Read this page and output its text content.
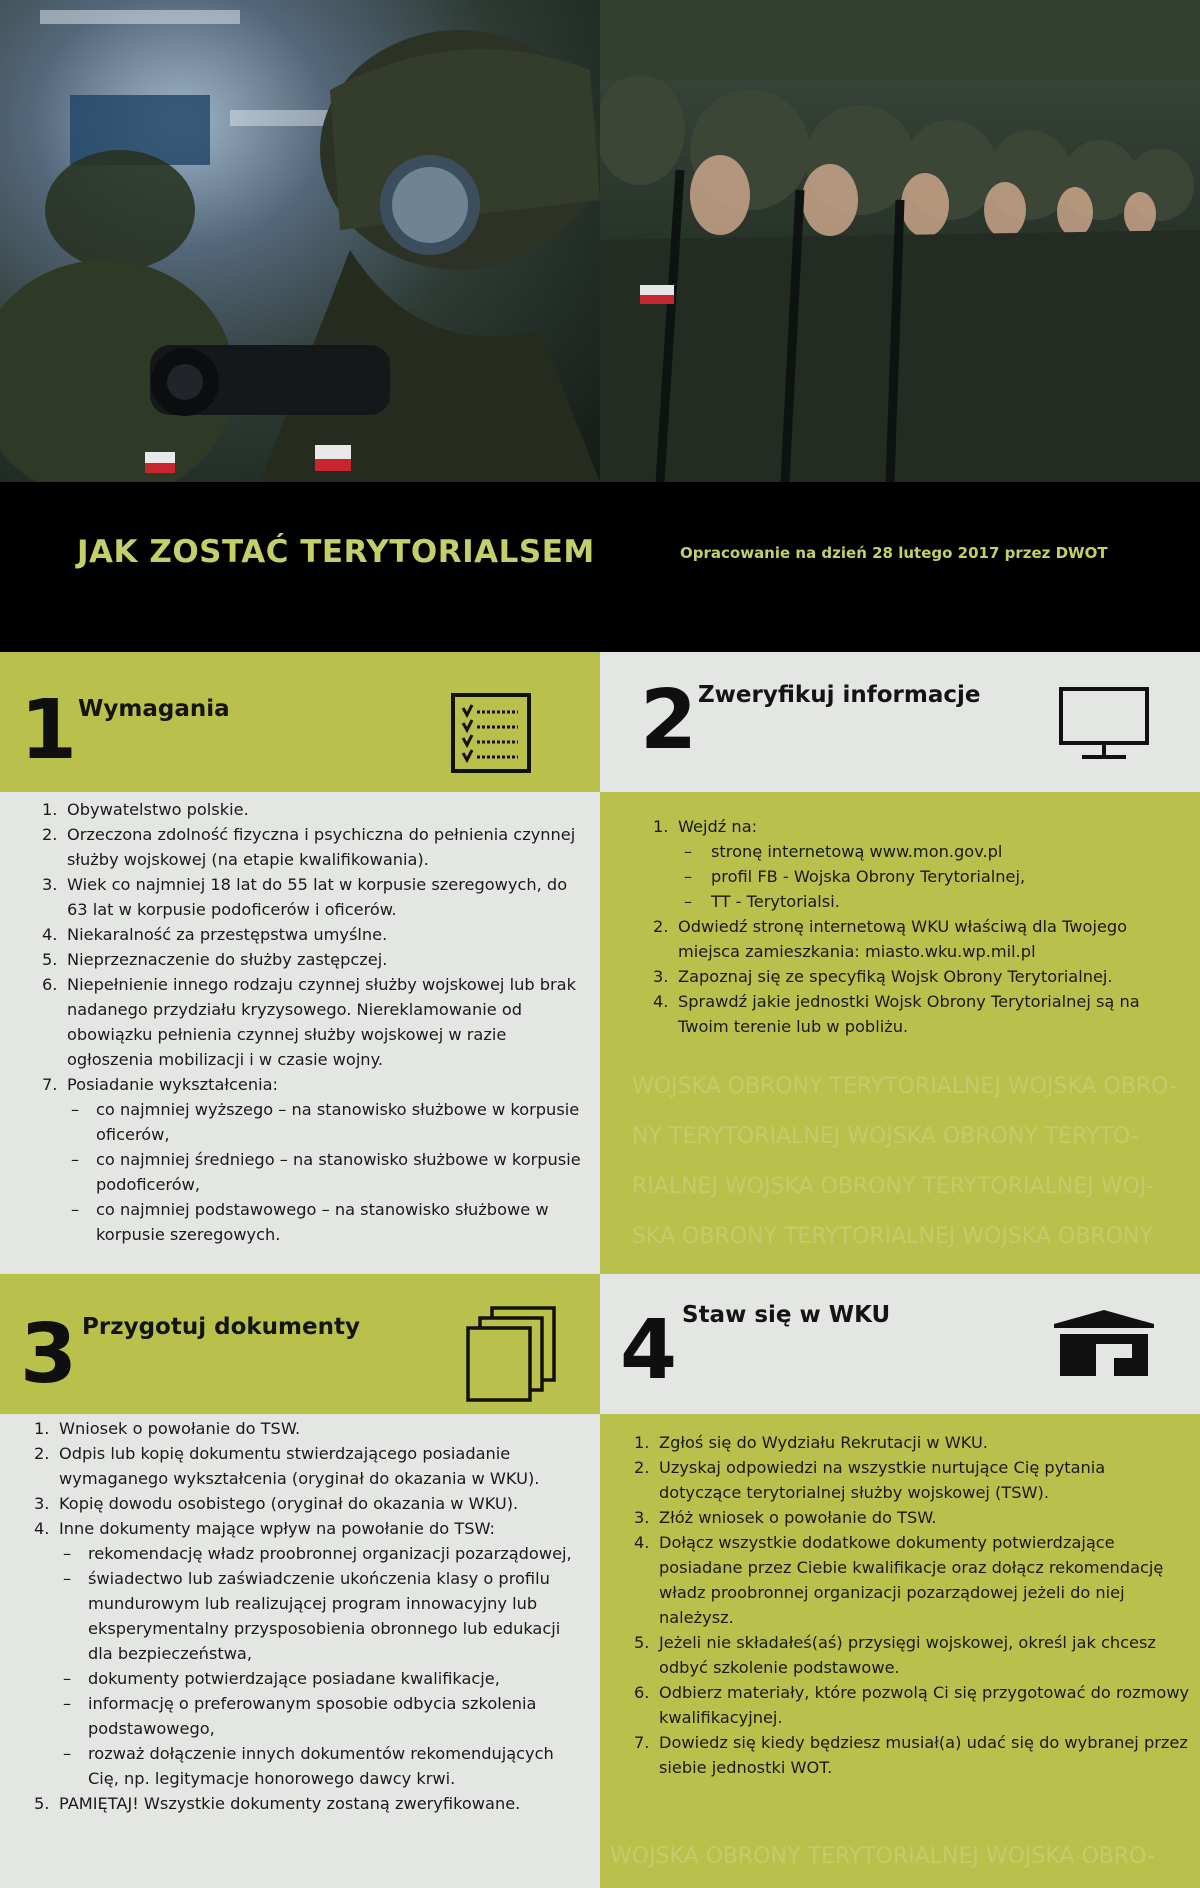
JAK ZOSTAĆ TERYTORIALSEM	Opracowanie na dzień 28 lutego 2017 przez DWOT
1 Wymagania	2 Zweryfikuj informacje
1. Obywatelstwo polskie.
2. Orzeczona zdolność fizyczna i psychiczna do pełnienia czynnej służby wojskowej (na etapie kwalifikowania).
3. Wiek co najmniej 18 lat do 55 lat w korpusie szeregowych, do 63 lat w korpusie podoficerów i oficerów.
4. Niekaralność za przestępstwa umyślne.
5. Nieprzeznaczenie do służby zastępczej.
6. Niepełnienie innego rodzaju czynnej służby wojskowej lub brak nadanego przydziału kryzysowego. Niereklamowanie od obowiązku pełnienia czynnej służby wojskowej w razie ogłoszenia mobilizacji i w czasie wojny.
7. Posiadanie wykształcenia:
– co najmniej wyższego – na stanowisko służbowe w korpusie oficerów,
– co najmniej średniego – na stanowisko służbowe w korpusie podoficerów,
– co najmniej podstawowego – na stanowisko służbowe w korpusie szeregowych.
WOJSKA OBRONY TERYTORIALNEJ WOJSKA OBRO-
NY TERYTORIALNEJ WOJSKA OBRONY TERYTO-
RIALNEJ WOJSKA OBRONY TERYTORIALNEJ WOJ-
SKA OBRONY TERYTORIALNEJ WOJSKA OBRONY
1. Wejdź na:
– stronę internetową www.mon.gov.pl
– profil FB - Wojska Obrony Terytorialnej,
– TT - Terytorialsi.
2. Odwiedź stronę internetową WKU właściwą dla Twojego miejsca zamieszkania: miasto.wku.wp.mil.pl
3. Zapoznaj się ze specyfiką Wojsk Obrony Terytorialnej.
4. Sprawdź jakie jednostki Wojsk Obrony Terytorialnej są na Twoim terenie lub w pobliżu.
3 Przygotuj dokumenty	4 Staw się w WKU
1. Wniosek o powołanie do TSW.
2. Odpis lub kopię dokumentu stwierdzającego posiadanie wymaganego wykształcenia (oryginał do okazania w WKU).
3. Kopię dowodu osobistego (oryginał do okazania w WKU).
4. Inne dokumenty mające wpływ na powołanie do TSW:
– rekomendację władz proobronnej organizacji pozarządowej,
– świadectwo lub zaświadczenie ukończenia klasy o profilu mundurowym lub realizującej program innowacyjny lub eksperymentalny przysposobienia obronnego lub edukacji dla bezpieczeństwa,
– dokumenty potwierdzające posiadane kwalifikacje,
– informację o preferowanym sposobie odbycia szkolenia podstawowego,
– rozważ dołączenie innych dokumentów rekomendujących Cię, np. legitymacje honorowego dawcy krwi.
5. PAMIĘTAJ! Wszystkie dokumenty zostaną zweryfikowane.
WOJSKA OBRONY TERYTORIALNEJ WOJSKA OBRO-
1. Zgłoś się do Wydziału Rekrutacji w WKU.
2. Uzyskaj odpowiedzi na wszystkie nurtujące Cię pytania dotyczące terytorialnej służby wojskowej (TSW).
3. Złóż wniosek o powołanie do TSW.
4. Dołącz wszystkie dodatkowe dokumenty potwierdzające posiadane przez Ciebie kwalifikacje oraz dołącz rekomendację władz proobronnej organizacji pozarządowej jeżeli do niej należysz.
5. Jeżeli nie składałeś(aś) przysięgi wojskowej, określ jak chcesz odbyć szkolenie podstawowe.
6. Odbierz materiały, które pozwolą Ci się przygotować do rozmowy kwalifikacyjnej.
7. Dowiedz się kiedy będziesz musiał(a) udać się do wybranej przez siebie jednostki WOT.
